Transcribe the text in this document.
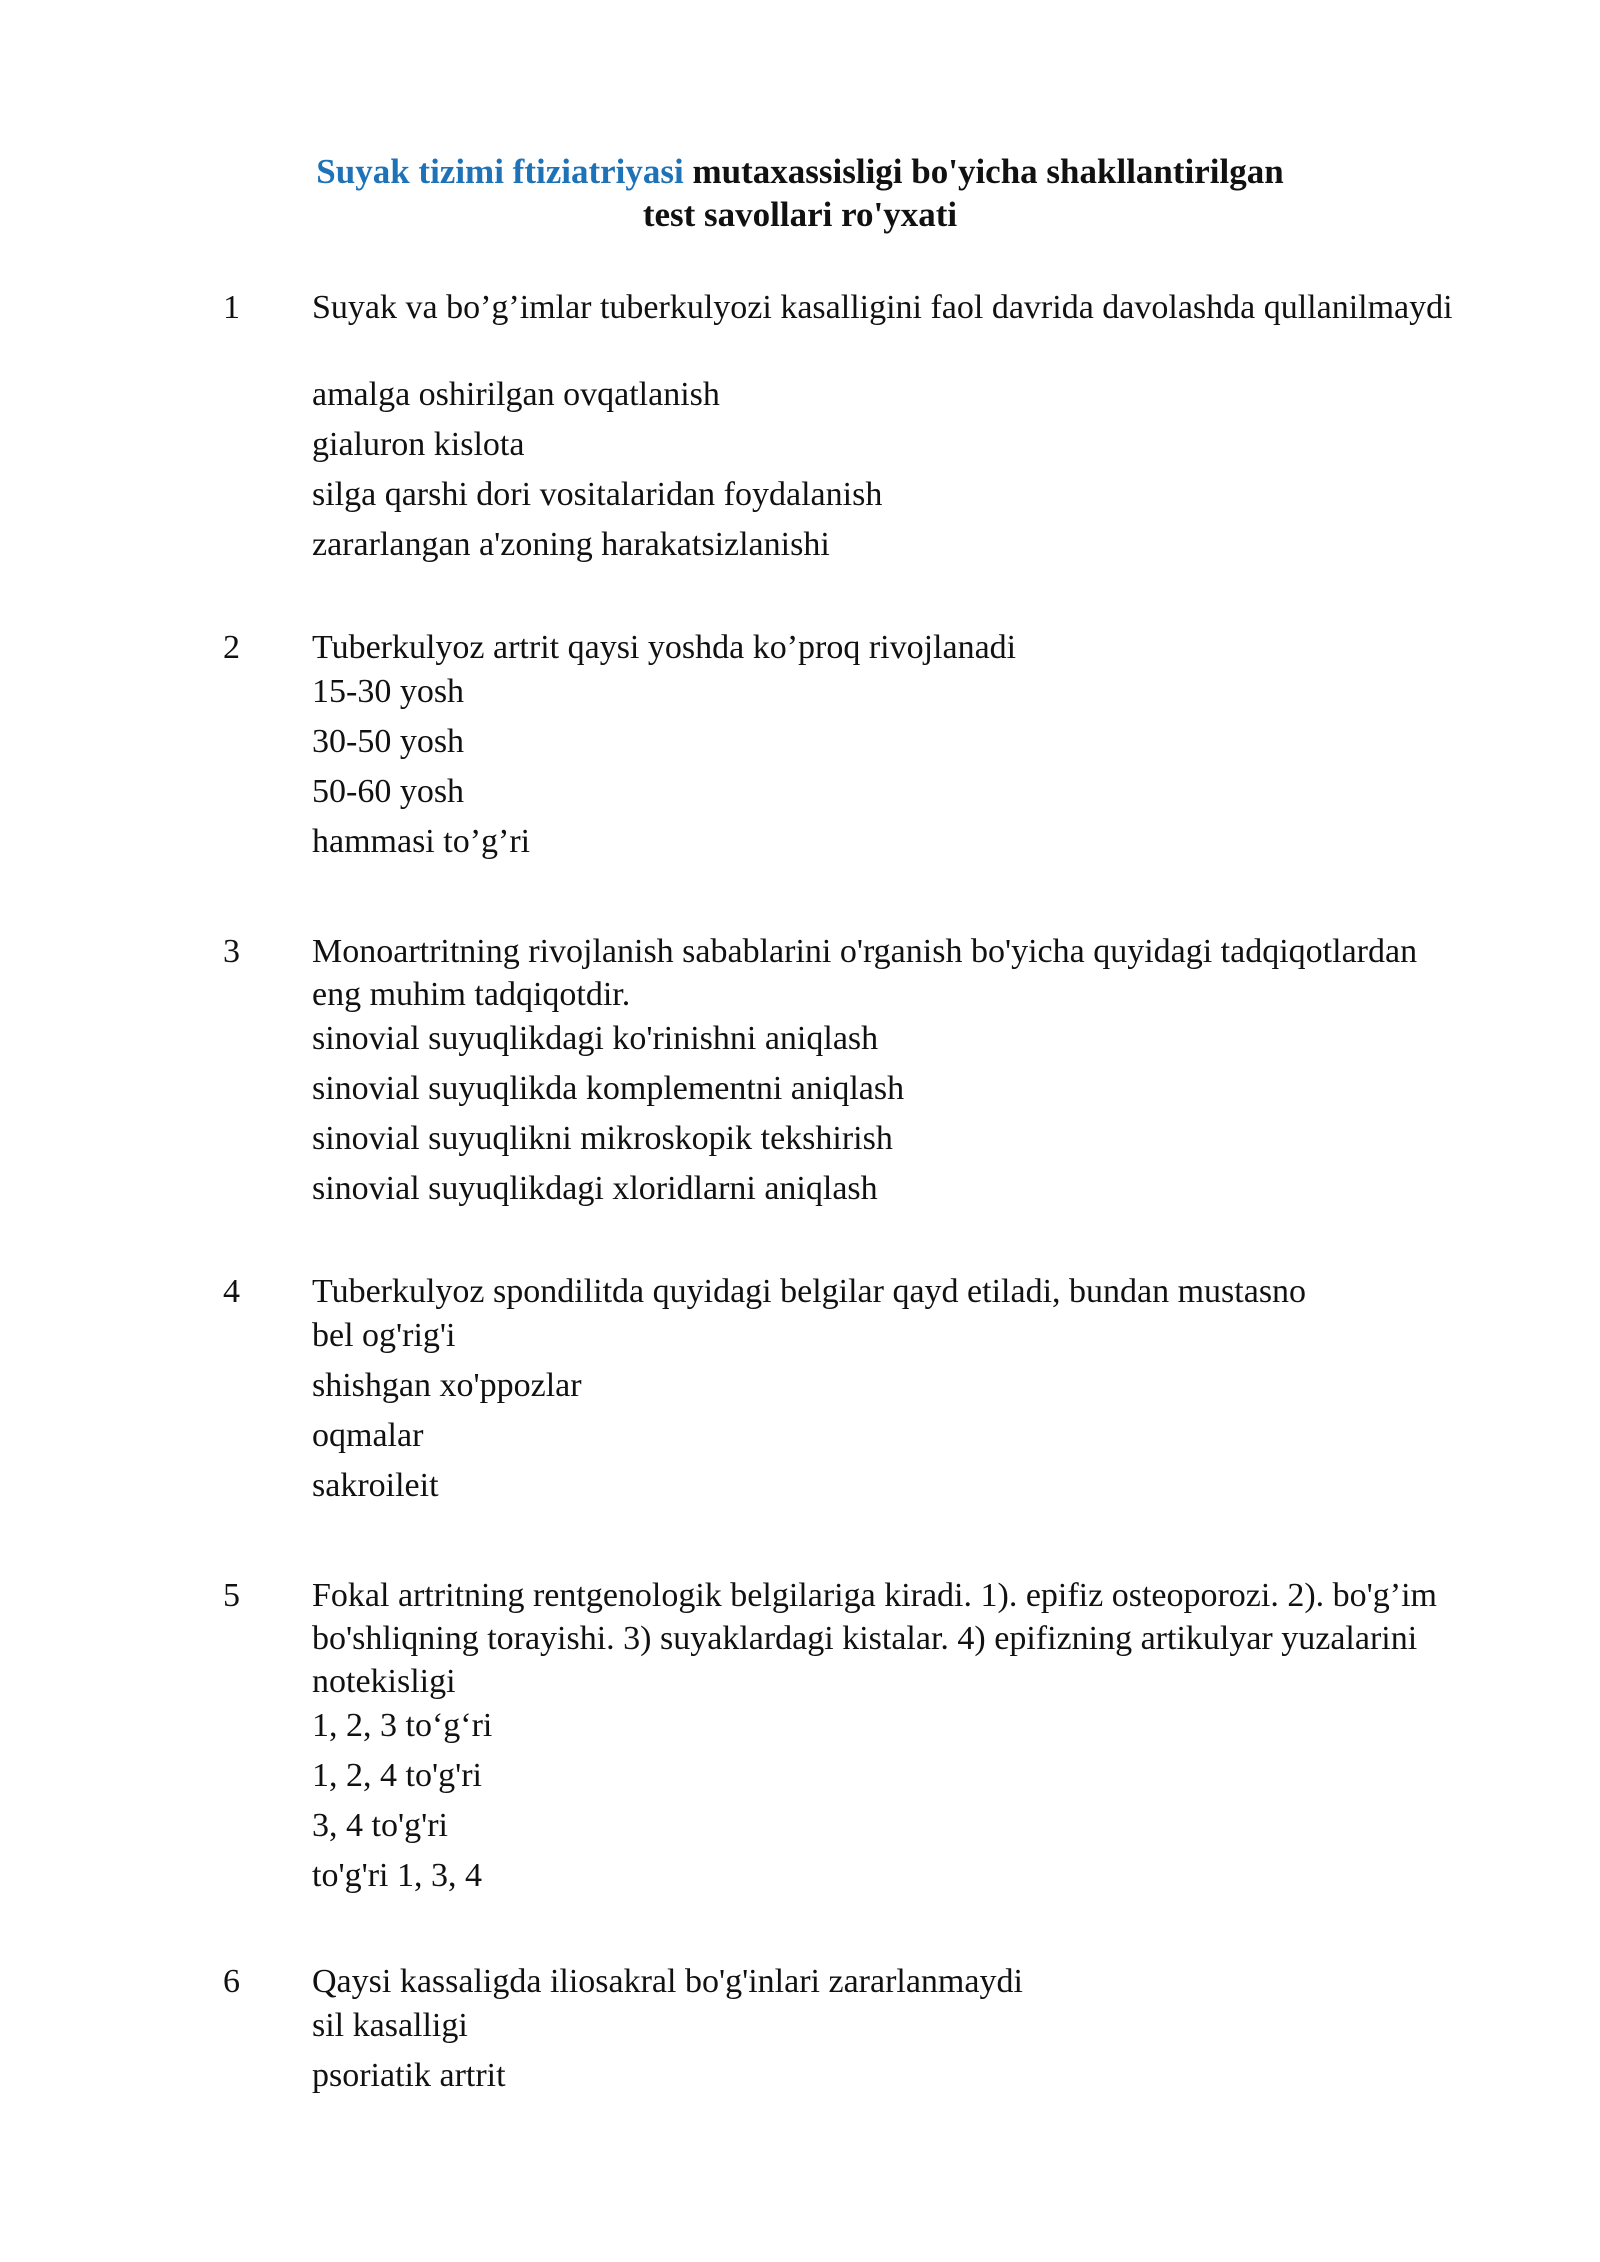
Suyak tizimi ftiziatriyasi mutaxassisligi bo'yicha shakllantirilgan
test savollari ro'yxati
1 Suyak va bo’g’imlar tuberkulyozi kasalligini faol davrida davolashda qullanilmaydi
amalga oshirilgan ovqatlanish
gialuron kislota
silga qarshi dori vositalaridan foydalanish
zararlangan a'zoning harakatsizlanishi
2 Tuberkulyoz artrit qaysi yoshda ko’proq rivojlanadi
15-30 yosh
30-50 yosh
50-60 yosh
hammasi to’g’ri
3 Monoartritning rivojlanish sabablarini o'rganish bo'yicha quyidagi tadqiqotlardan eng muhim tadqiqotdir.
sinovial suyuqlikdagi ko'rinishni aniqlash
sinovial suyuqlikda komplementni aniqlash
sinovial suyuqlikni mikroskopik tekshirish
sinovial suyuqlikdagi xloridlarni aniqlash
4 Tuberkulyoz spondilitda quyidagi belgilar qayd etiladi, bundan mustasno
bel og'rig'i
shishgan xo'ppozlar
oqmalar
sakroileit
5 Fokal artritning rentgenologik belgilariga kiradi. 1). epifiz osteoporozi. 2). bo'g’im bo'shliqning torayishi. 3) suyaklardagi kistalar. 4) epifizning artikulyar yuzalarini notekisligi
1, 2, 3 to‘g‘ri
1, 2, 4 to'g'ri
3, 4 to'g'ri
to'g'ri 1, 3, 4
6 Qaysi kassaligda iliosakral bo'g'inlari zararlanmaydi
sil kasalligi
psoriatik artrit
